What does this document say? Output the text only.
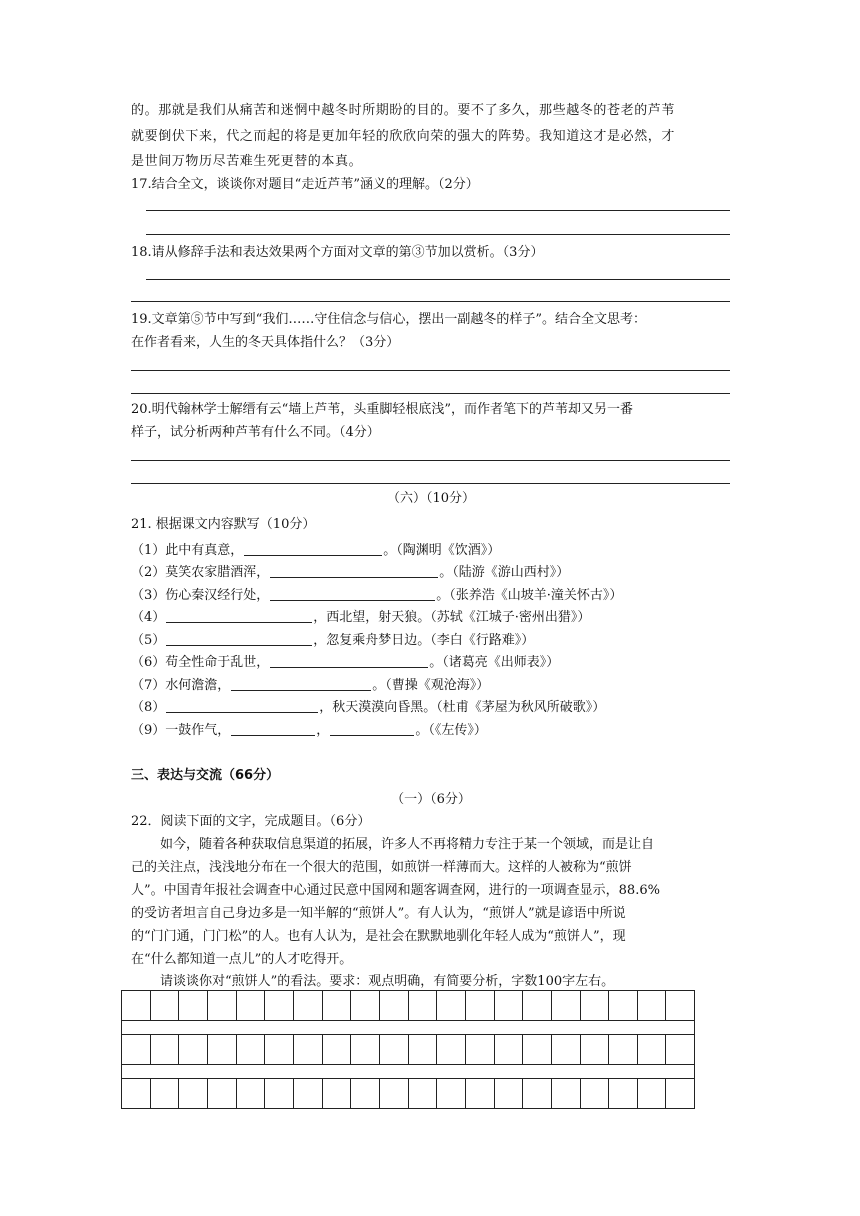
的。那就是我们从痛苦和迷惘中越冬时所期盼的目的。要不了多久，那些越冬的苍老的芦苇
就要倒伏下来，代之而起的将是更加年轻的欣欣向荣的强大的阵势。我知道这才是必然，才
是世间万物历尽苦难生死更替的本真。
17.结合全文，谈谈你对题目“走近芦苇”涵义的理解。（2分）
18.请从修辞手法和表达效果两个方面对文章的第③节加以赏析。（3分）
19.文章第⑤节中写到“我们……守住信念与信心，摆出一副越冬的样子”。结合全文思考：
在作者看来，人生的冬天具体指什么？（3分）
20.明代翰林学士解缙有云“墙上芦苇，头重脚轻根底浅”，而作者笔下的芦苇却又另一番
样子，试分析两种芦苇有什么不同。（4分）
（六）（10分）
21. 根据课文内容默写（10分）
（1）此中有真意，	。（陶渊明《饮酒》）
（2）莫笑农家腊酒浑，	。（陆游《游山西村》）
（3）伤心秦汉经行处，	。（张养浩《山坡羊·潼关怀古》）
（4）	，西北望，射天狼。（苏轼《江城子·密州出猎》）
（5）	，忽复乘舟梦日边。（李白《行路难》）
（6）苟全性命于乱世，	。（诸葛亮《出师表》）
（7）水何澹澹，	。（曹操《观沧海》）
（8）	，秋天漠漠向昏黑。（杜甫《茅屋为秋风所破歌》）
（9）一鼓作气，	，	。（《左传》）
三、表达与交流（66分）
（一）（6分）
22．阅读下面的文字，完成题目。（6分）
如今，随着各种获取信息渠道的拓展，许多人不再将精力专注于某一个领域，而是让自
己的关注点，浅浅地分布在一个很大的范围，如煎饼一样薄而大。这样的人被称为“煎饼
人”。中国青年报社会调查中心通过民意中国网和题客调查网，进行的一项调查显示，88.6%
的受访者坦言自己身边多是一知半解的“煎饼人”。有人认为，“煎饼人”就是谚语中所说
的“门门通，门门松”的人。也有人认为，是社会在默默地驯化年轻人成为“煎饼人”，现
在“什么都知道一点儿”的人才吃得开。
请谈谈你对“煎饼人”的看法。要求：观点明确，有简要分析，字数100字左右。
